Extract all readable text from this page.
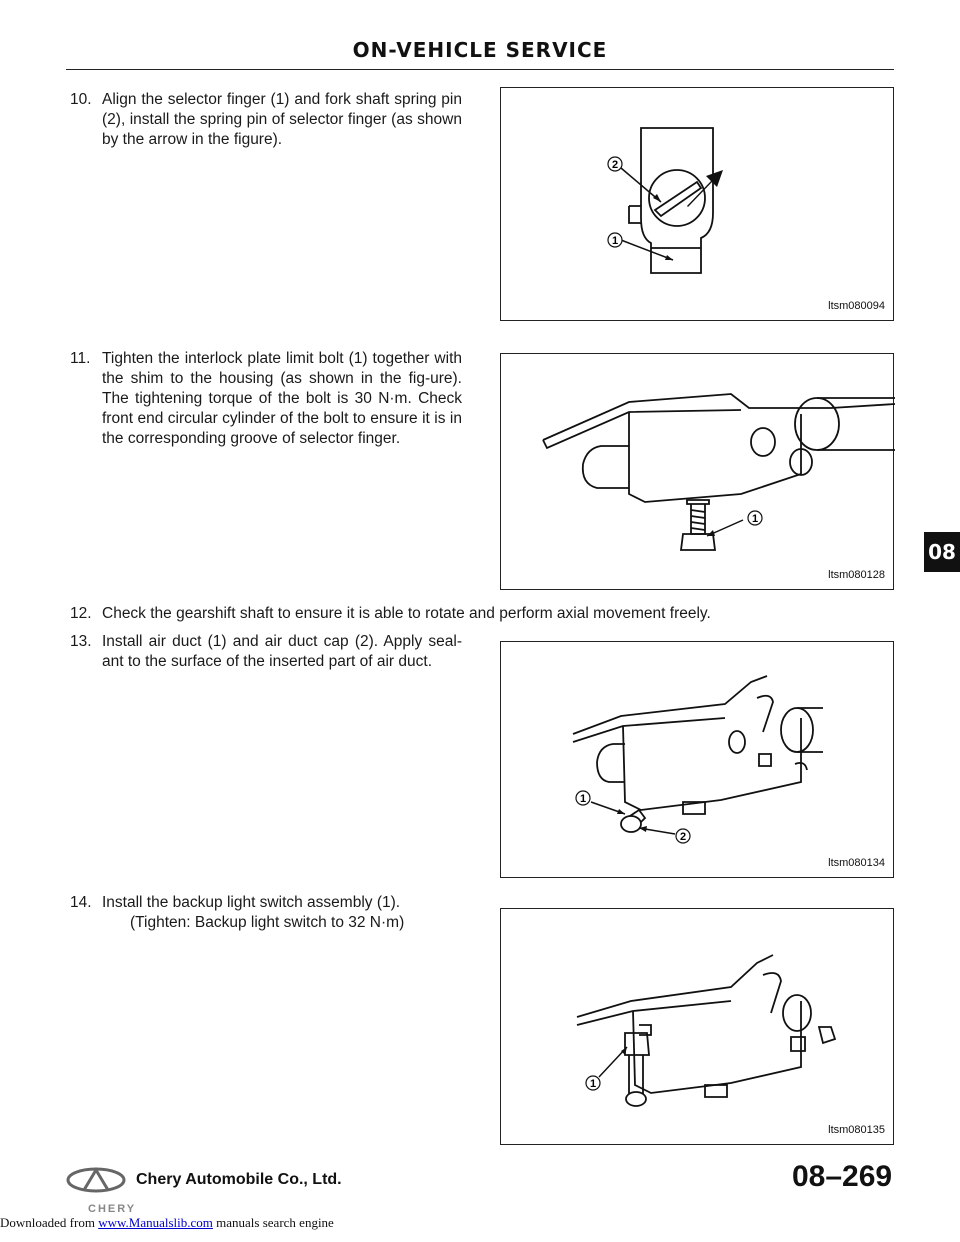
ON-VEHICLE SERVICE
10. Align the selector finger (1) and fork shaft spring pin (2), install the spring pin of selector finger (as shown by the arrow in the figure).
2
1
ltsm080094
11. Tighten the interlock plate limit bolt (1) together with the shim to the housing (as shown in the fig-ure). The tightening torque of the bolt is 30 N·m. Check front end circular cylinder of the bolt to ensure it is in the corresponding groove of selector finger.
1
ltsm080128
12. Check the gearshift shaft to ensure it is able to rotate and perform axial movement freely.
13. Install air duct (1) and air duct cap (2). Apply seal-ant to the surface of the inserted part of air duct.
1
2
ltsm080134
14. Install the backup light switch assembly (1).
(Tighten: Backup light switch to 32 N·m)
1
ltsm080135
08
CHERY
Chery Automobile Co., Ltd.	08–269
Downloaded from www.Manualslib.com manuals search engine
